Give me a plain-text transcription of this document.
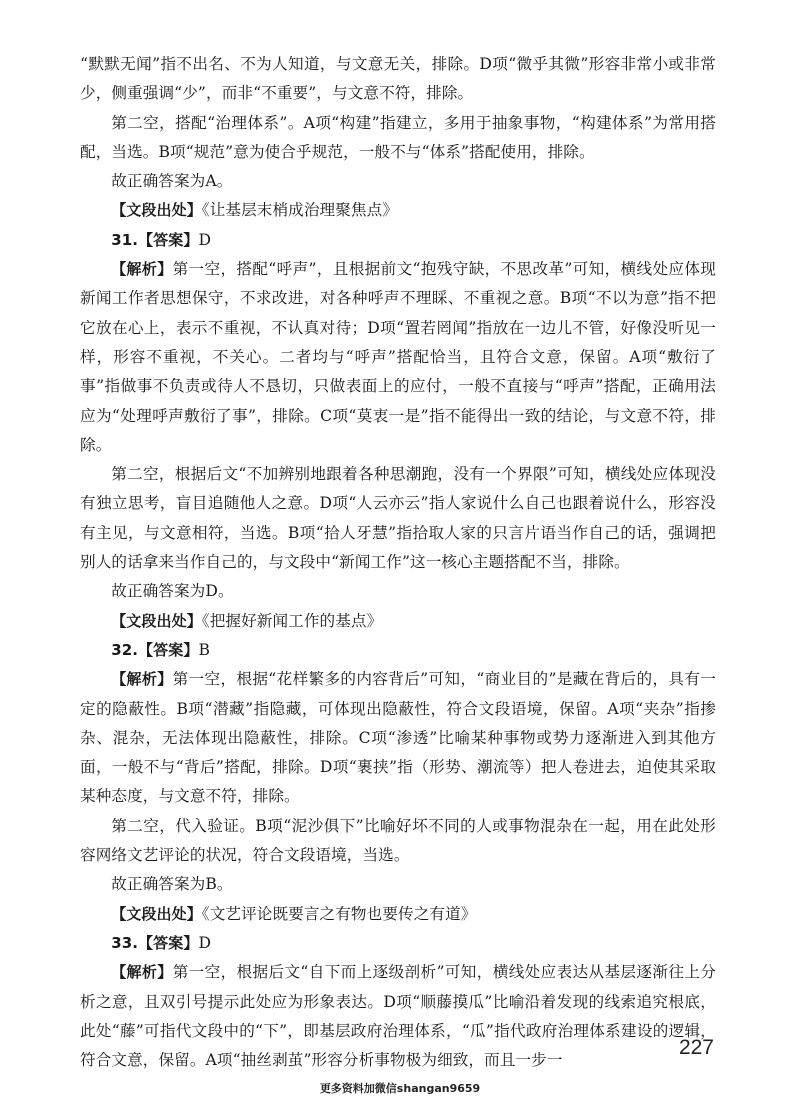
“默默无闻”指不出名、不为人知道，与文意无关，排除。D项“微乎其微”形容非常小或非常少，侧重强调“少”，而非“不重要”，与文意不符，排除。

第二空，搭配“治理体系”。A项“构建”指建立，多用于抽象事物，“构建体系”为常用搭配，当选。B项“规范”意为使合乎规范，一般不与“体系”搭配使用，排除。

故正确答案为A。

【文段出处】《让基层末梢成治理聚焦点》

31.【答案】D

【解析】第一空，搭配“呼声”，且根据前文“抱残守缺，不思改革”可知，横线处应体现新闻工作者思想保守，不求改进，对各种呼声不理睬、不重视之意。B项“不以为意”指不把它放在心上，表示不重视，不认真对待；D项“置若罔闻”指放在一边儿不管，好像没听见一样，形容不重视，不关心。二者均与“呼声”搭配恰当，且符合文意，保留。A项“敷衍了事”指做事不负责或待人不恳切，只做表面上的应付，一般不直接与“呼声”搭配，正确用法应为“处理呼声敷衍了事”，排除。C项“莫衷一是”指不能得出一致的结论，与文意不符，排除。

第二空，根据后文“不加辨别地跟着各种思潮跑，没有一个界限”可知，横线处应体现没有独立思考，盲目追随他人之意。D项“人云亦云”指人家说什么自己也跟着说什么，形容没有主见，与文意相符，当选。B项“拾人牙慧”指拾取人家的只言片语当作自己的话，强调把别人的话拿来当作自己的，与文段中“新闻工作”这一核心主题搭配不当，排除。

故正确答案为D。

【文段出处】《把握好新闻工作的基点》

32.【答案】B

【解析】第一空，根据“花样繁多的内容背后”可知，“商业目的”是藏在背后的，具有一定的隐蔽性。B项“潜藏”指隐藏，可体现出隐蔽性，符合文段语境，保留。A项“夹杂”指掺杂、混杂，无法体现出隐蔽性，排除。C项“渗透”比喻某种事物或势力逐渐进入到其他方面，一般不与“背后”搭配，排除。D项“裹挟”指（形势、潮流等）把人卷进去，迫使其采取某种态度，与文意不符，排除。

第二空，代入验证。B项“泥沙俱下”比喻好坏不同的人或事物混杂在一起，用在此处形容网络文艺评论的状况，符合文段语境，当选。

故正确答案为B。

【文段出处】《文艺评论既要言之有物也要传之有道》

33.【答案】D

【解析】第一空，根据后文“自下而上逐级剖析”可知，横线处应表达从基层逐渐往上分析之意，且双引号提示此处应为形象表达。D项“顺藤摸瓜”比喻沿着发现的线索追究根底，此处“藤”可指代文段中的“下”，即基层政府治理体系，“瓜”指代政府治理体系建设的逻辑，符合文意，保留。A项“抽丝剥茧”形容分析事物极为细致，而且一步一

227
更多资料加微信shangan9659
